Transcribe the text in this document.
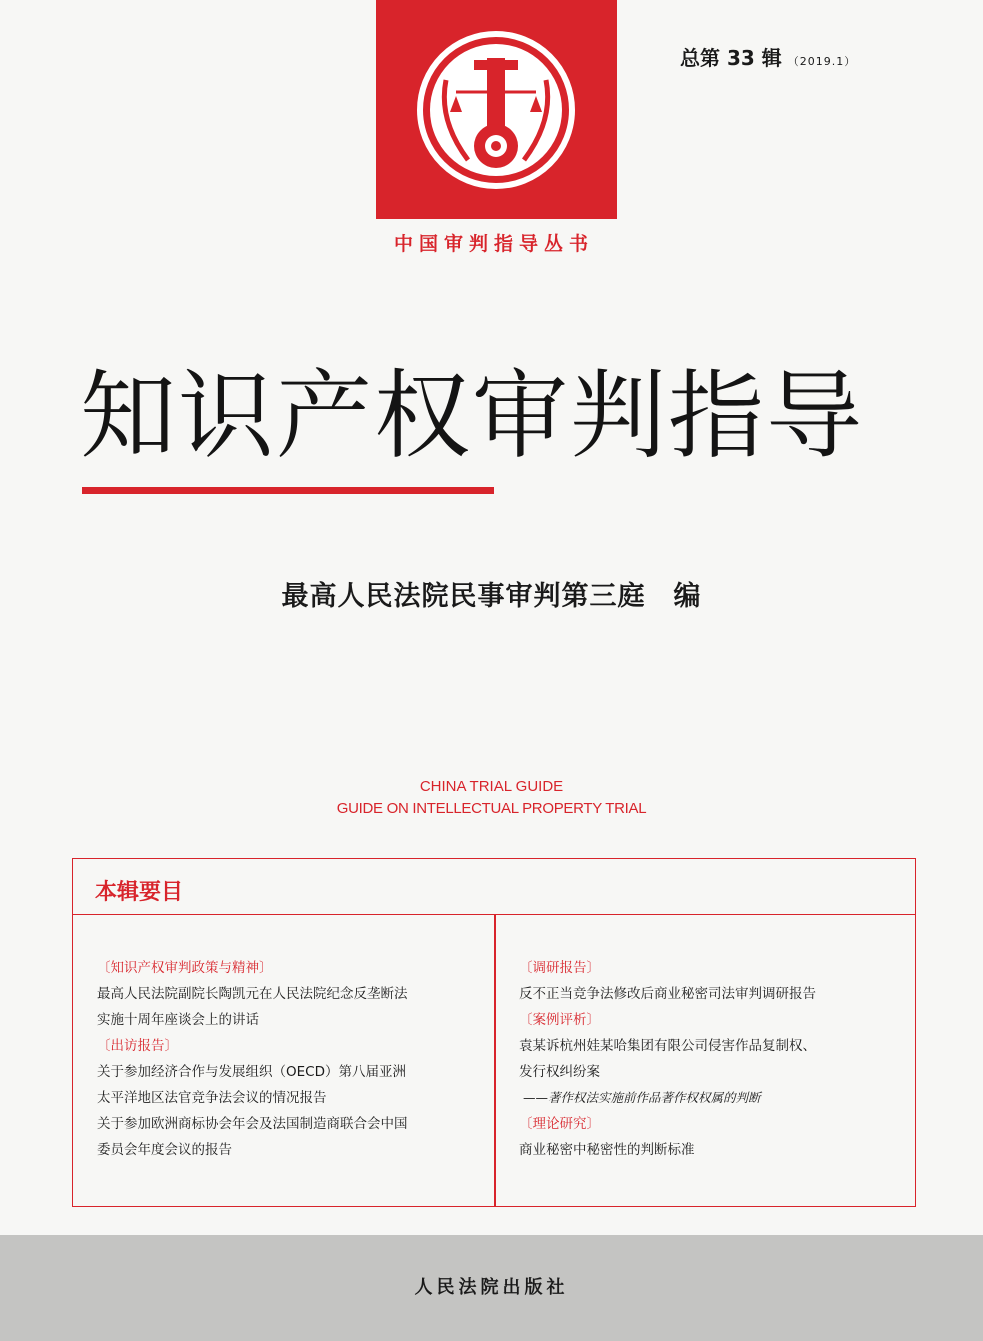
中国审判指导丛书
总第 33 辑 （2019.1）
知识产权审判指导
最高人民法院民事审判第三庭　编
CHINA TRIAL GUIDE
GUIDE ON INTELLECTUAL PROPERTY TRIAL
本辑要目
〔知识产权审判政策与精神〕
最高人民法院副院长陶凯元在人民法院纪念反垄断法
实施十周年座谈会上的讲话
〔出访报告〕
关于参加经济合作与发展组织（OECD）第八届亚洲
太平洋地区法官竞争法会议的情况报告
关于参加欧洲商标协会年会及法国制造商联合会中国
委员会年度会议的报告
〔调研报告〕
反不正当竞争法修改后商业秘密司法审判调研报告
〔案例评析〕
袁某诉杭州娃某哈集团有限公司侵害作品复制权、
发行权纠纷案
——著作权法实施前作品著作权权属的判断
〔理论研究〕
商业秘密中秘密性的判断标准
人民法院出版社
